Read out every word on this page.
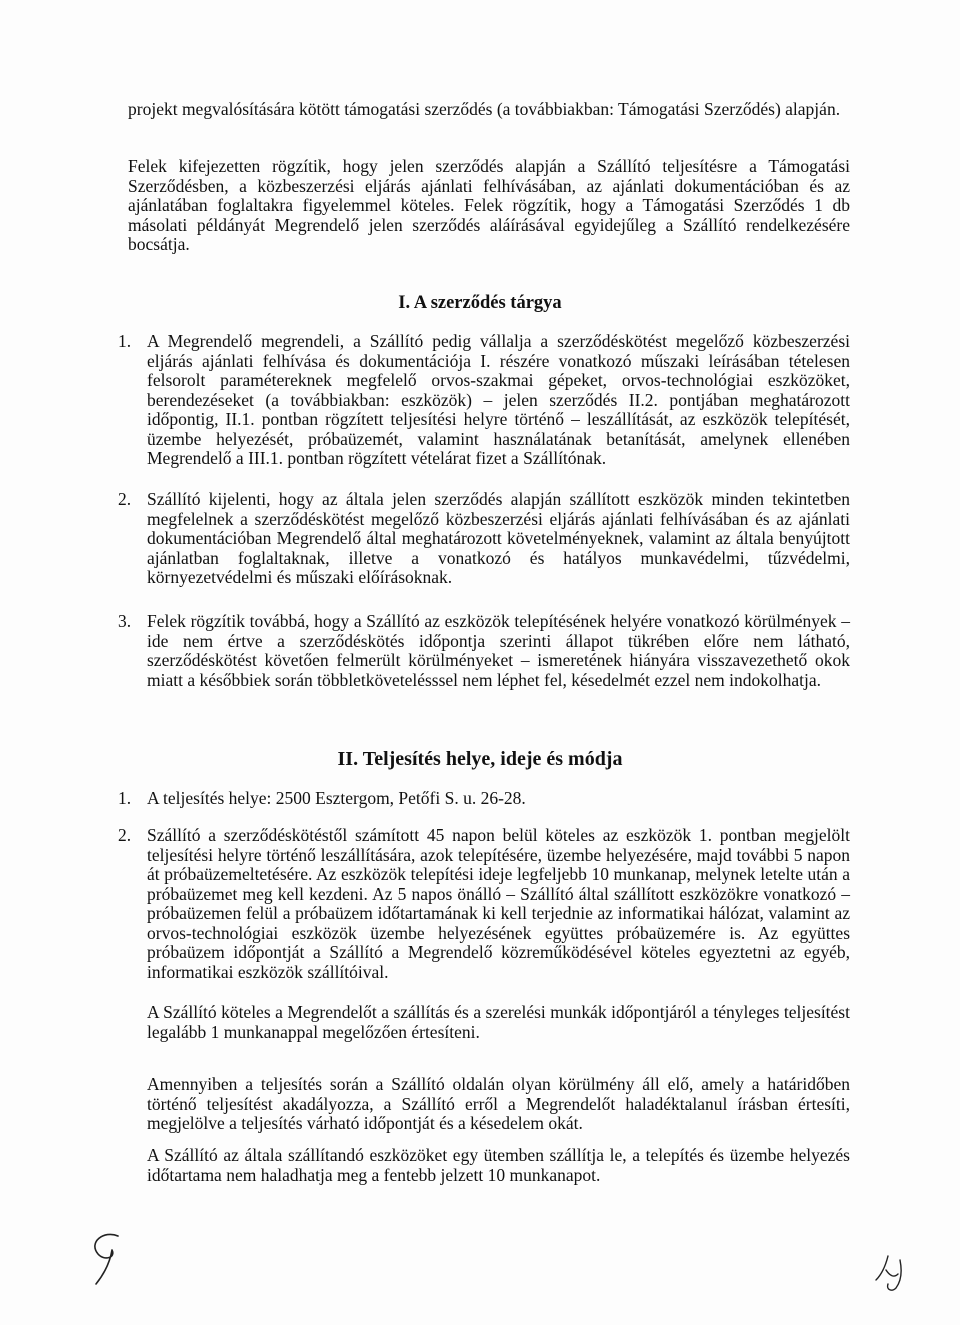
projekt megvalósítására kötött támogatási szerződés (a továbbiakban: Támogatási Szerződés) alapján.
Felek kifejezetten rögzítik, hogy jelen szerződés alapján a Szállító teljesítésre a Támogatási Szerződésben, a közbeszerzési eljárás ajánlati felhívásában, az ajánlati dokumentációban és az ajánlatában foglaltakra figyelemmel köteles. Felek rögzítik, hogy a Támogatási Szerződés 1 db másolati példányát Megrendelő jelen szerződés aláírásával egyidejűleg a Szállító rendelkezésére bocsátja.
I. A szerződés tárgya
1. A Megrendelő megrendeli, a Szállító pedig vállalja a szerződéskötést megelőző közbeszerzési eljárás ajánlati felhívása és dokumentációja I. részére vonatkozó műszaki leírásában tételesen felsorolt paramétereknek megfelelő orvos-szakmai gépeket, orvos-technológiai eszközöket, berendezéseket (a továbbiakban: eszközök) – jelen szerződés II.2. pontjában meghatározott időpontig, II.1. pontban rögzített teljesítési helyre történő – leszállítását, az eszközök telepítését, üzembe helyezését, próbaüzemét, valamint használatának betanítását, amelynek ellenében Megrendelő a III.1. pontban rögzített vételárat fizet a Szállítónak.
2. Szállító kijelenti, hogy az általa jelen szerződés alapján szállított eszközök minden tekintetben megfelelnek a szerződéskötést megelőző közbeszerzési eljárás ajánlati felhívásában és az ajánlati dokumentációban Megrendelő által meghatározott követelményeknek, valamint az általa benyújtott ajánlatban foglaltaknak, illetve a vonatkozó és hatályos munkavédelmi, tűzvédelmi, környezetvédelmi és műszaki előírásoknak.
3. Felek rögzítik továbbá, hogy a Szállító az eszközök telepítésének helyére vonatkozó körülmények – ide nem értve a szerződéskötés időpontja szerinti állapot tükrében előre nem látható, szerződéskötést követően felmerült körülményeket – ismeretének hiányára visszavezethető okok miatt a későbbiek során többletkövetelésssel nem léphet fel, késedelmét ezzel nem indokolhatja.
II. Teljesítés helye, ideje és módja
1. A teljesítés helye: 2500 Esztergom, Petőfi S. u. 26-28.
2. Szállító a szerződéskötéstől számított 45 napon belül köteles az eszközök 1. pontban megjelölt teljesítési helyre történő leszállítására, azok telepítésére, üzembe helyezésére, majd további 5 napon át próbaüzemeltetésére. Az eszközök telepítési ideje legfeljebb 10 munkanap, melynek letelte után a próbaüzemet meg kell kezdeni. Az 5 napos önálló – Szállító által szállított eszközökre vonatkozó – próbaüzemen felül a próbaüzem időtartamának ki kell terjednie az informatikai hálózat, valamint az orvos-technológiai eszközök üzembe helyezésének együttes próbaüzemére is. Az együttes próbaüzem időpontját a Szállító a Megrendelő közreműködésével köteles egyeztetni az egyéb, informatikai eszközök szállítóival.
A Szállító köteles a Megrendelőt a szállítás és a szerelési munkák időpontjáról a tényleges teljesítést legalább 1 munkanappal megelőzően értesíteni.
Amennyiben a teljesítés során a Szállító oldalán olyan körülmény áll elő, amely a határidőben történő teljesítést akadályozza, a Szállító erről a Megrendelőt haladéktalanul írásban értesíti, megjelölve a teljesítés várható időpontját és a késedelem okát.
A Szállító az általa szállítandó eszközöket egy ütemben szállítja le, a telepítés és üzembe helyezés időtartama nem haladhatja meg a fentebb jelzett 10 munkanapot.
